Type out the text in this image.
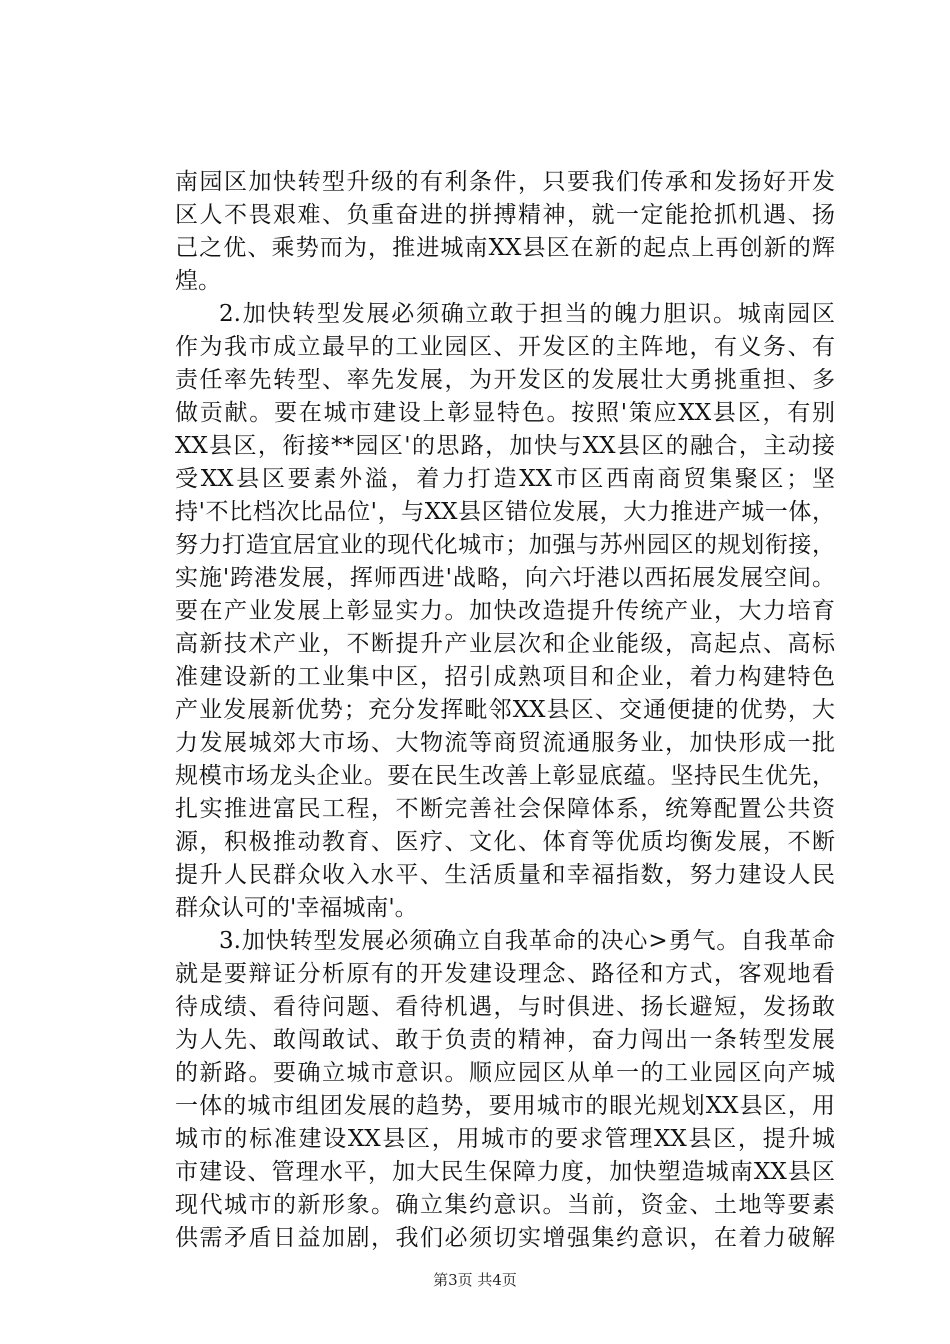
南园区加快转型升级的有利条件，只要我们传承和发扬好开发
区人不畏艰难、负重奋进的拼搏精神，就一定能抢抓机遇、扬
己之优、乘势而为，推进城南XX县区在新的起点上再创新的辉
煌。
2.加快转型发展必须确立敢于担当的魄力胆识。城南园区
作为我市成立最早的工业园区、开发区的主阵地，有义务、有
责任率先转型、率先发展，为开发区的发展壮大勇挑重担、多
做贡献。要在城市建设上彰显特色。按照'策应XX县区，有别
XX县区，衔接**园区'的思路，加快与XX县区的融合，主动接
受XX县区要素外溢，着力打造XX市区西南商贸集聚区；坚
持'不比档次比品位'，与XX县区错位发展，大力推进产城一体，
努力打造宜居宜业的现代化城市；加强与苏州园区的规划衔接，
实施'跨港发展，挥师西进'战略，向六圩港以西拓展发展空间。
要在产业发展上彰显实力。加快改造提升传统产业，大力培育
高新技术产业，不断提升产业层次和企业能级，高起点、高标
准建设新的工业集中区，招引成熟项目和企业，着力构建特色
产业发展新优势；充分发挥毗邻XX县区、交通便捷的优势，大
力发展城郊大市场、大物流等商贸流通服务业，加快形成一批
规模市场龙头企业。要在民生改善上彰显底蕴。坚持民生优先，
扎实推进富民工程，不断完善社会保障体系，统筹配置公共资
源，积极推动教育、医疗、文化、体育等优质均衡发展，不断
提升人民群众收入水平、生活质量和幸福指数，努力建设人民
群众认可的'幸福城南'。
3.加快转型发展必须确立自我革命的决心>勇气。自我革命
就是要辩证分析原有的开发建设理念、路径和方式，客观地看
待成绩、看待问题、看待机遇，与时俱进、扬长避短，发扬敢
为人先、敢闯敢试、敢于负责的精神，奋力闯出一条转型发展
的新路。要确立城市意识。顺应园区从单一的工业园区向产城
一体的城市组团发展的趋势，要用城市的眼光规划XX县区，用
城市的标准建设XX县区，用城市的要求管理XX县区，提升城
市建设、管理水平，加大民生保障力度，加快塑造城南XX县区
现代城市的新形象。确立集约意识。当前，资金、土地等要素
供需矛盾日益加剧，我们必须切实增强集约意识，在着力破解
第3页 共4页
